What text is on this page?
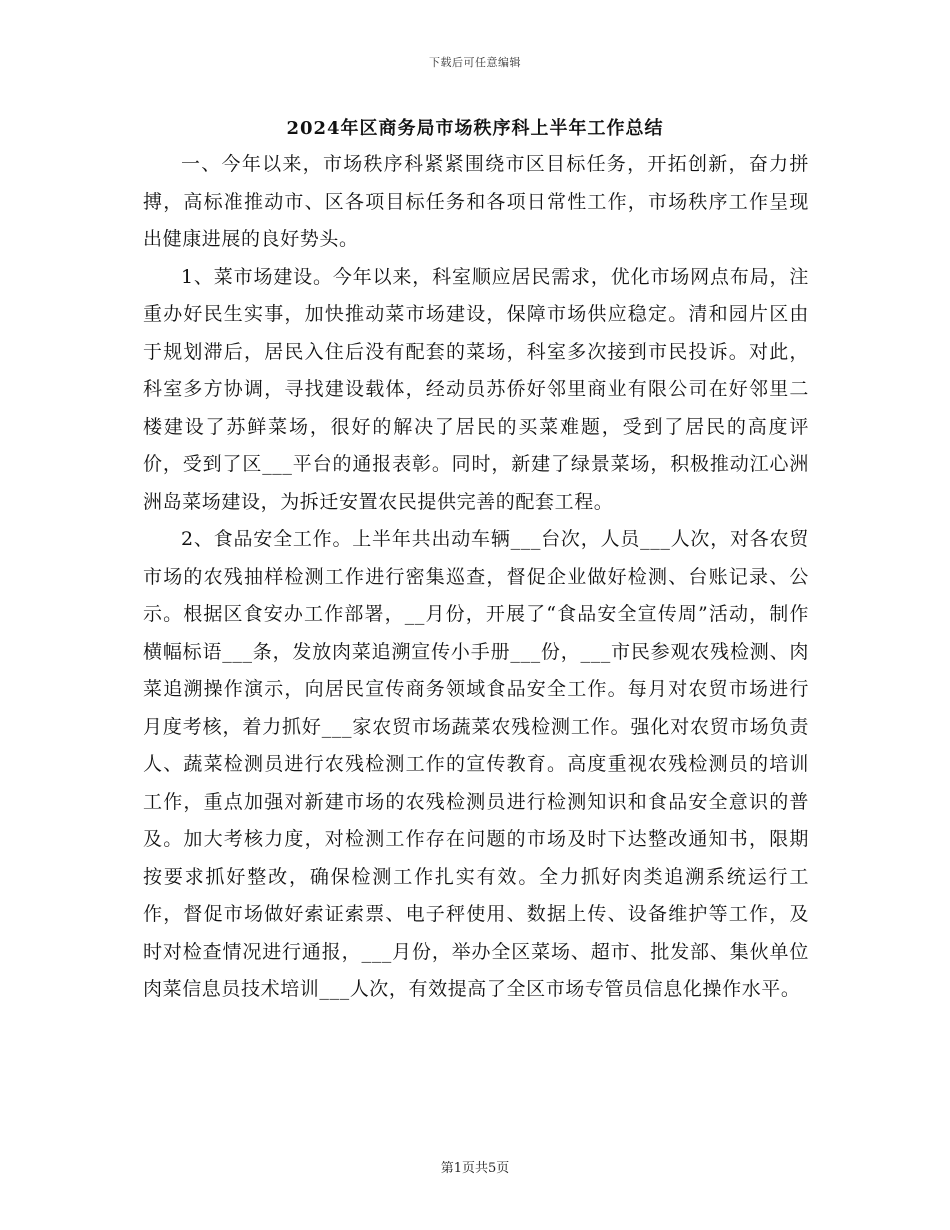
下载后可任意编辑
2024年区商务局市场秩序科上半年工作总结

一、今年以来，市场秩序科紧紧围绕市区目标任务，开拓创新，奋力拼搏，高标准推动市、区各项目标任务和各项日常性工作，市场秩序工作呈现出健康进展的良好势头。

1、菜市场建设。今年以来，科室顺应居民需求，优化市场网点布局，注重办好民生实事，加快推动菜市场建设，保障市场供应稳定。清和园片区由于规划滞后，居民入住后没有配套的菜场，科室多次接到市民投诉。对此，科室多方协调，寻找建设载体，经动员苏侨好邻里商业有限公司在好邻里二楼建设了苏鲜菜场，很好的解决了居民的买菜难题，受到了居民的高度评价，受到了区___平台的通报表彰。同时，新建了绿景菜场，积极推动江心洲洲岛菜场建设，为拆迁安置农民提供完善的配套工程。

2、食品安全工作。上半年共出动车辆___台次，人员___人次，对各农贸市场的农残抽样检测工作进行密集巡查，督促企业做好检测、台账记录、公示。根据区食安办工作部署，__月份，开展了“食品安全宣传周”活动，制作横幅标语___条，发放肉菜追溯宣传小手册___份，___市民参观农残检测、肉菜追溯操作演示，向居民宣传商务领域食品安全工作。每月对农贸市场进行月度考核，着力抓好___家农贸市场蔬菜农残检测工作。强化对农贸市场负责人、蔬菜检测员进行农残检测工作的宣传教育。高度重视农残检测员的培训工作，重点加强对新建市场的农残检测员进行检测知识和食品安全意识的普及。加大考核力度，对检测工作存在问题的市场及时下达整改通知书，限期按要求抓好整改，确保检测工作扎实有效。全力抓好肉类追溯系统运行工作，督促市场做好索证索票、电子秤使用、数据上传、设备维护等工作，及时对检查情况进行通报，___月份，举办全区菜场、超市、批发部、集伙单位肉菜信息员技术培训___人次，有效提高了全区市场专管员信息化操作水平。

第1页共5页
